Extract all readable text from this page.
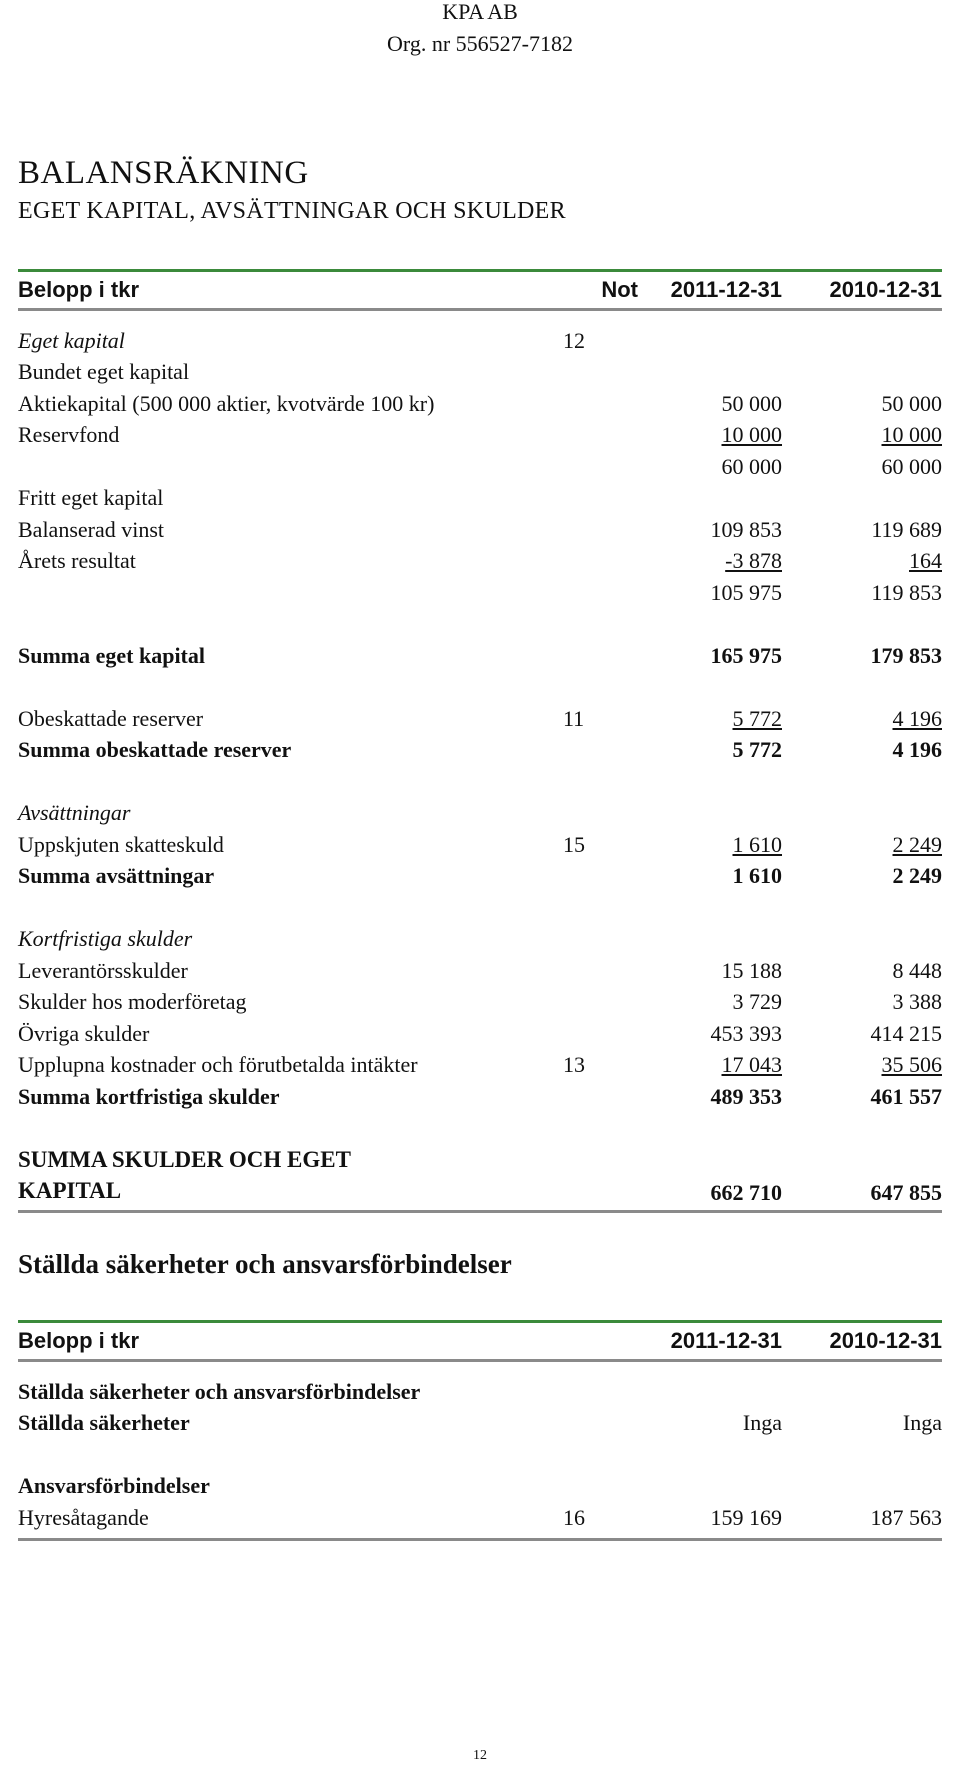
KPA AB
Org. nr 556527-7182
BALANSRÄKNING
EGET KAPITAL, AVSÄTTNINGAR OCH SKULDER
Belopp i tkr	Not	2011-12-31	2010-12-31
Eget kapital	12
Bundet eget kapital
Aktiekapital (500 000 aktier, kvotvärde 100 kr)	50 000	50 000
Reservfond	10 000	10 000
60 000	60 000
Fritt eget kapital
Balanserad vinst	109 853	119 689
Årets resultat	-3 878	164
105 975	119 853
Summa eget kapital	165 975	179 853
Obeskattade reserver	11	5 772	4 196
Summa obeskattade reserver	5 772	4 196
Avsättningar
Uppskjuten skatteskuld	15	1 610	2 249
Summa avsättningar	1 610	2 249
Kortfristiga skulder
Leverantörsskulder	15 188	8 448
Skulder hos moderföretag	3 729	3 388
Övriga skulder	453 393	414 215
Upplupna kostnader och förutbetalda intäkter	13	17 043	35 506
Summa kortfristiga skulder	489 353	461 557
SUMMA SKULDER OCH EGET
KAPITAL	662 710	647 855
Ställda säkerheter och ansvarsförbindelser
Belopp i tkr	2011-12-31	2010-12-31
Ställda säkerheter och ansvarsförbindelser
Ställda säkerheter	Inga	Inga
Ansvarsförbindelser
Hyresåtagande	16	159 169	187 563
12
